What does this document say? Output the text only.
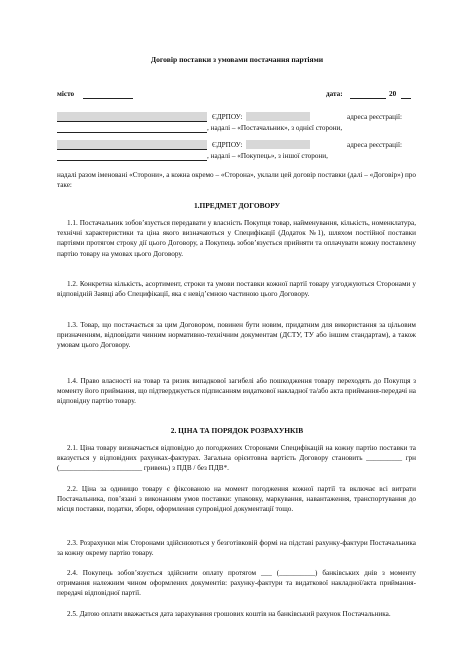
Договір поставки з умовами постачання партіями
місто	дата:	20
ЄДРПОУ:	адреса реєстрації:
, надалі – «Постачальник», з однієї сторони,
ЄДРПОУ:	адреса реєстрації:
, надалі – «Покупець», з іншої сторони,

надалі разом іменовані «Сторони», а кожна окремо – «Сторона», уклали цей договір поставки (далі – «Договір») про таке:

1.ПРЕДМЕТ ДОГОВОРУ

1.1. Постачальник зобов’язується передавати у власність Покупця товар, найменування, кількість, номенклатура, технічні характеристики та ціна якого визначаються у Специфікації (Додаток №1), шляхом постійної поставки партіями протягом строку дії цього Договору, а Покупець зобов’язується прийняти та оплачувати кожну поставлену партію товару на умовах цього Договору.

1.2. Конкретна кількість, асортимент, строки та умови поставки кожної партії товару узгоджуються Сторонами у відповідній Заявці або Специфікації, яка є невід’ємною частиною цього Договору.

1.3. Товар, що постачається за цим Договором, повинен бути новим, придатним для використання за цільовим призначенням, відповідати чинним нормативно-технічним документам (ДСТУ, ТУ або іншим стандартам), а також умовам цього Договору.

1.4. Право власності на товар та ризик випадкової загибелі або пошкодження товару переходять до Покупця з моменту його приймання, що підтверджується підписанням видаткової накладної та/або акта приймання-передачі на відповідну партію товару.

2. ЦІНА ТА ПОРЯДОК РОЗРАХУНКІВ

2.1. Ціна товару визначається відповідно до погоджених Сторонами Специфікацій на кожну партію поставки та вказується у відповідних рахунках-фактурах. Загальна орієнтовна вартість Договору становить __________ грн (_______________________ гривень) з ПДВ / без ПДВ*.

2.2. Ціна за одиницю товару є фіксованою на момент погодження кожної партії та включає всі витрати Постачальника, пов’язані з виконанням умов поставки: упаковку, маркування, навантаження, транспортування до місця поставки, податки, збори, оформлення супровідної документації тощо.

2.3. Розрахунки між Сторонами здійснюються у безготівковій формі на підставі рахунку-фактури Постачальника за кожну окрему партію товару.

2.4. Покупець зобов’язується здійснити оплату протягом ___ (__________) банківських днів з моменту отримання належним чином оформлених документів: рахунку-фактури та видаткової накладної/акта приймання-передачі відповідної партії.

2.5. Датою оплати вважається дата зарахування грошових коштів на банківський рахунок Постачальника.
